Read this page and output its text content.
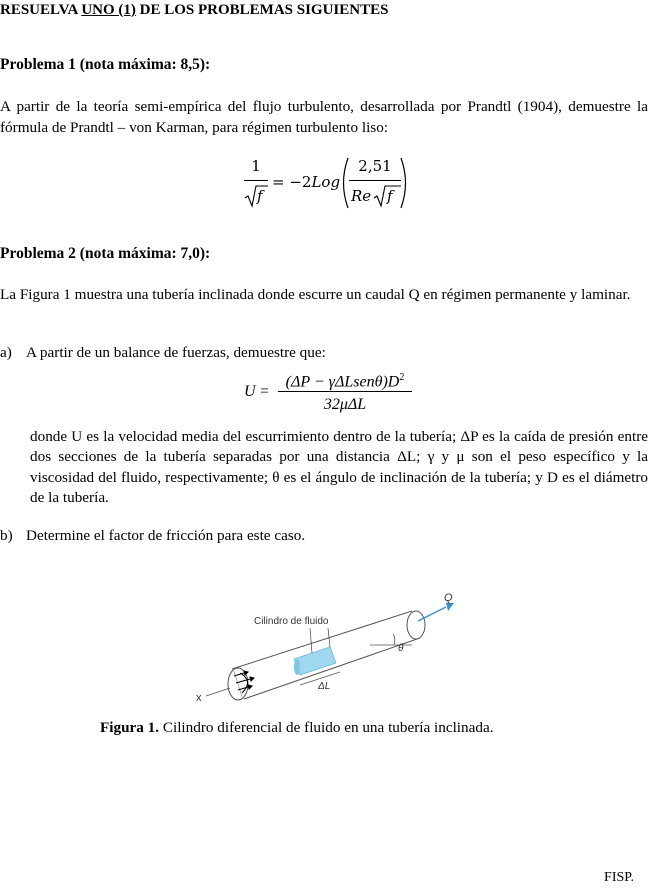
RESUELVA UNO (1) DE LOS PROBLEMAS SIGUIENTES
Problema 1 (nota máxima: 8,5):
A partir de la teoría semi-empírica del flujo turbulento, desarrollada por Prandtl (1904), demuestre la fórmula de Prandtl – von Karman, para régimen turbulento liso:
1
f
= −2Log
2,51
Re f
Problema 2 (nota máxima: 7,0):
La Figura 1 muestra una tubería inclinada donde escurre un caudal Q en régimen permanente y laminar.
a) A partir de un balance de fuerzas, demuestre que:
U =
$(\Delta P - \gamma\Delta Lsen\theta)D^2$
32μΔL
donde U es la velocidad media del escurrimiento dentro de la tubería; ΔP es la caída de presión entre dos secciones de la tubería separadas por una distancia ΔL; γ y μ son el peso específico y la viscosidad del fluido, respectivamente; θ es el ángulo de inclinación de la tubería; y D es el diámetro de la tubería.
b) Determine el factor de fricción para este caso.
Cilindro de fluido
Q
θ
ΔL
x
Figura 1. Cilindro diferencial de fluido en una tubería inclinada.
FISP.
